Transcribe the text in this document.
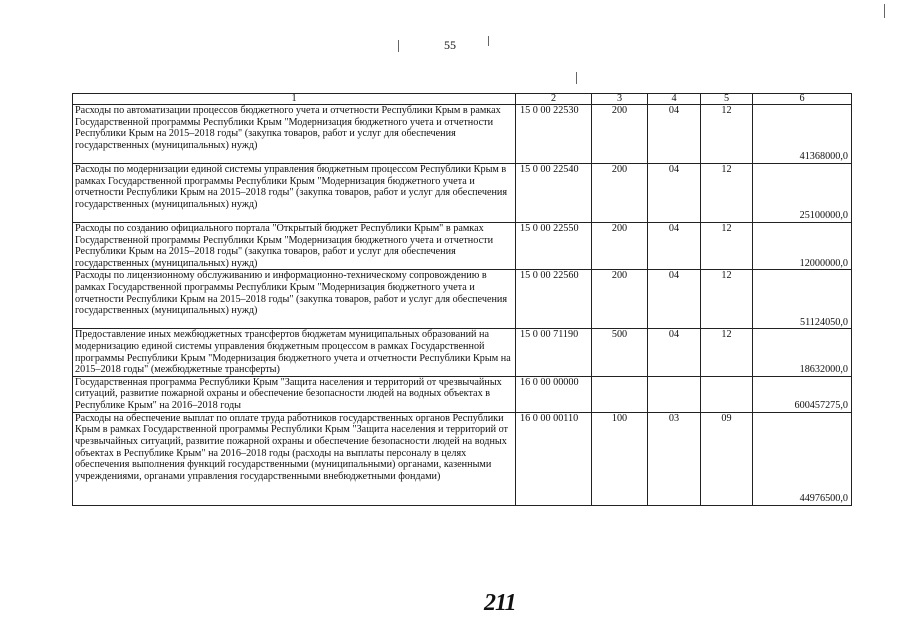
55
1	2	3	4	5	6
Расходы по автоматизации процессов бюджетного учета и отчетности Республики Крым в рамках Государственной программы Республики Крым "Модернизация бюджетного учета и отчетности Республики Крым на 2015–2018 годы" (закупка товаров, работ и услуг для обеспечения государственных (муниципальных) нужд)	15 0 00 22530	200	04	12	41368000,0
Расходы по модернизации единой системы управления бюджетным процессом Республики Крым в рамках Государственной программы Республики Крым "Модернизация бюджетного учета и отчетности Республики Крым на 2015–2018 годы" (закупка товаров, работ и услуг для обеспечения государственных (муниципальных) нужд)	15 0 00 22540	200	04	12	25100000,0
Расходы по созданию официального портала "Открытый бюджет Республики Крым" в рамках Государственной программы Республики Крым "Модернизация бюджетного учета и отчетности Республики Крым на 2015–2018 годы" (закупка товаров, работ и услуг для обеспечения государственных (муниципальных) нужд)	15 0 00 22550	200	04	12	12000000,0
Расходы по лицензионному обслуживанию и информационно-техническому сопровождению в рамках Государственной программы Республики Крым "Модернизация бюджетного учета и отчетности Республики Крым на 2015–2018 годы" (закупка товаров, работ и услуг для обеспечения государственных (муниципальных) нужд)	15 0 00 22560	200	04	12	51124050,0
Предоставление иных межбюджетных трансфертов бюджетам муниципальных образований на модернизацию единой системы управления бюджетным процессом в рамках Государственной программы Республики Крым "Модернизация бюджетного учета и отчетности Республики Крым на 2015–2018 годы" (межбюджетные трансферты)	15 0 00 71190	500	04	12	18632000,0
Государственная программа Республики Крым "Защита населения и территорий от чрезвычайных ситуаций, развитие пожарной охраны и обеспечение безопасности людей на водных объектах в Республике Крым" на 2016–2018 годы	16 0 00 00000				600457275,0
Расходы на обеспечение выплат по оплате труда работников государственных органов Республики Крым в рамках Государственной программы Республики Крым "Защита населения и территорий от чрезвычайных ситуаций, развитие пожарной охраны и обеспечение безопасности людей на водных объектах в Республике Крым" на 2016–2018 годы (расходы на выплаты персоналу в целях обеспечения выполнения функций государственными (муниципальными) органами, казенными учреждениями, органами управления государственными внебюджетными фондами)	16 0 00 00110	100	03	09	44976500,0
211
